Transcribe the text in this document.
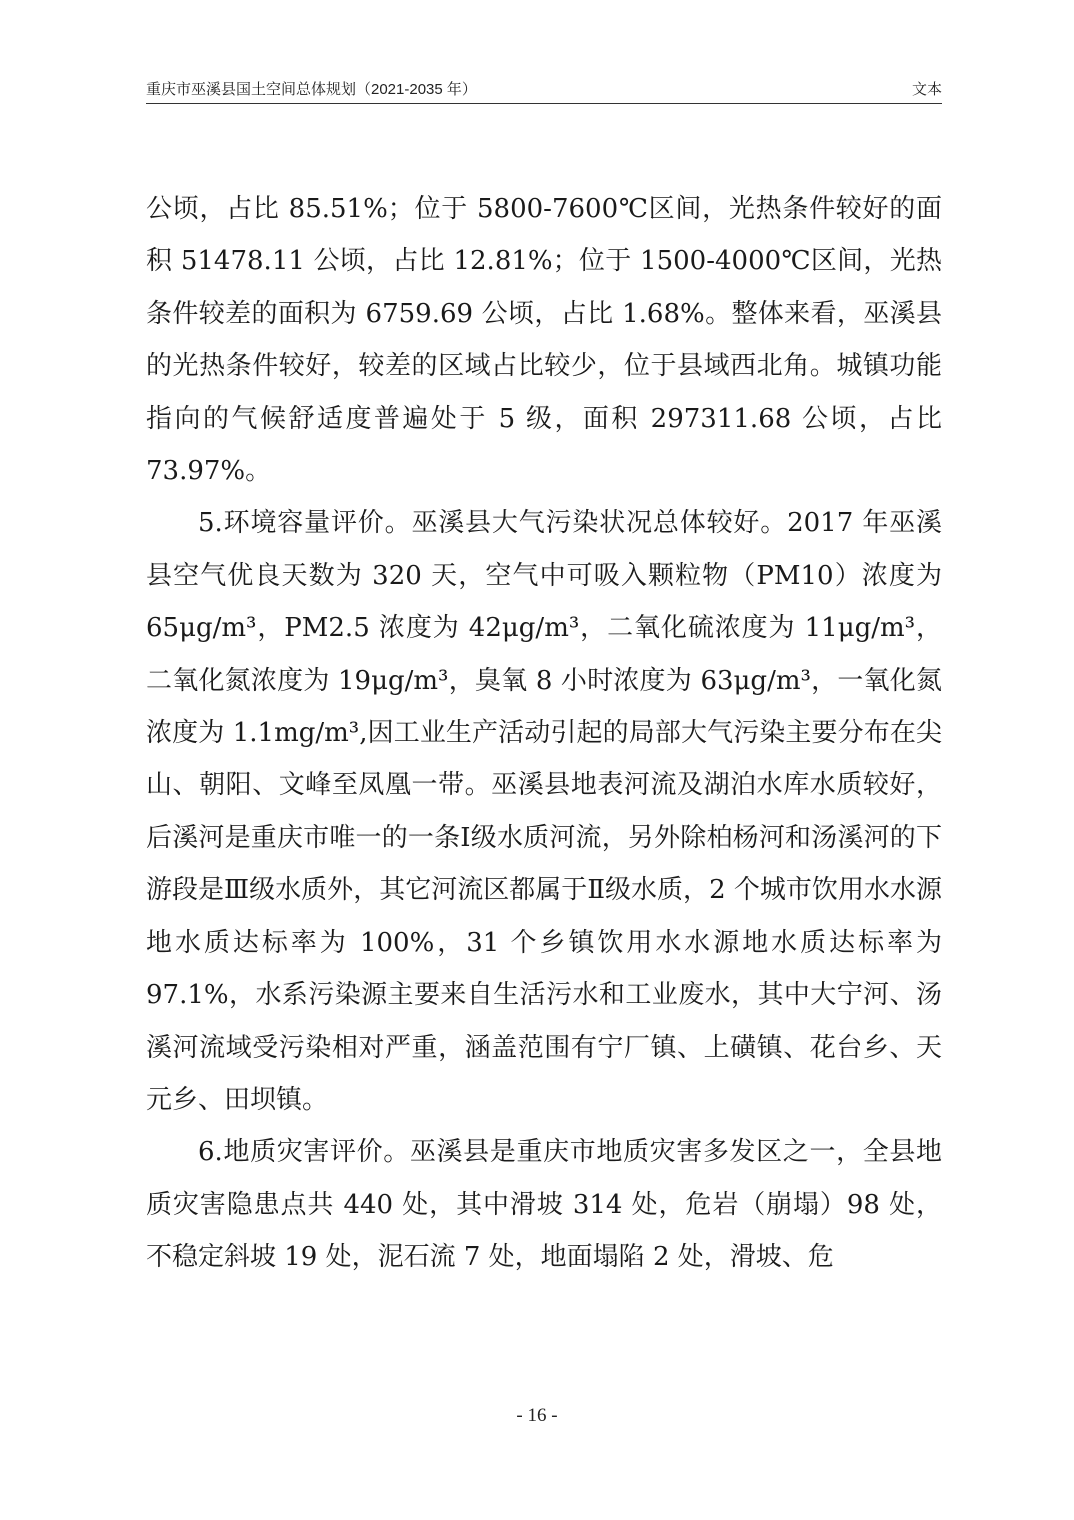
重庆市巫溪县国土空间总体规划（2021-2035 年）	文本

公顷，占比 85.51%；位于 5800-7600℃区间，光热条件较好的面积 51478.11 公顷，占比 12.81%；位于 1500-4000℃区间，光热条件较差的面积为 6759.69 公顷，占比 1.68%。整体来看，巫溪县的光热条件较好，较差的区域占比较少，位于县域西北角。城镇功能指向的气候舒适度普遍处于 5 级，面积 297311.68 公顷，占比 73.97%。

5.环境容量评价。巫溪县大气污染状况总体较好。2017 年巫溪县空气优良天数为 320 天，空气中可吸入颗粒物（PM10）浓度为 65μg/m³，PM2.5 浓度为 42μg/m³，二氧化硫浓度为 11μg/m³，二氧化氮浓度为 19μg/m³，臭氧 8 小时浓度为 63μg/m³，一氧化氮浓度为 1.1mg/m³,因工业生产活动引起的局部大气污染主要分布在尖山、朝阳、文峰至凤凰一带。巫溪县地表河流及湖泊水库水质较好，后溪河是重庆市唯一的一条Ⅰ级水质河流，另外除柏杨河和汤溪河的下游段是Ⅲ级水质外，其它河流区都属于Ⅱ级水质，2 个城市饮用水水源地水质达标率为 100%，31 个乡镇饮用水水源地水质达标率为 97.1%，水系污染源主要来自生活污水和工业废水，其中大宁河、汤溪河流域受污染相对严重，涵盖范围有宁厂镇、上磺镇、花台乡、天元乡、田坝镇。

6.地质灾害评价。巫溪县是重庆市地质灾害多发区之一，全县地质灾害隐患点共 440 处，其中滑坡 314 处，危岩（崩塌）98 处，不稳定斜坡 19 处，泥石流 7 处，地面塌陷 2 处，滑坡、危

- 16 -
